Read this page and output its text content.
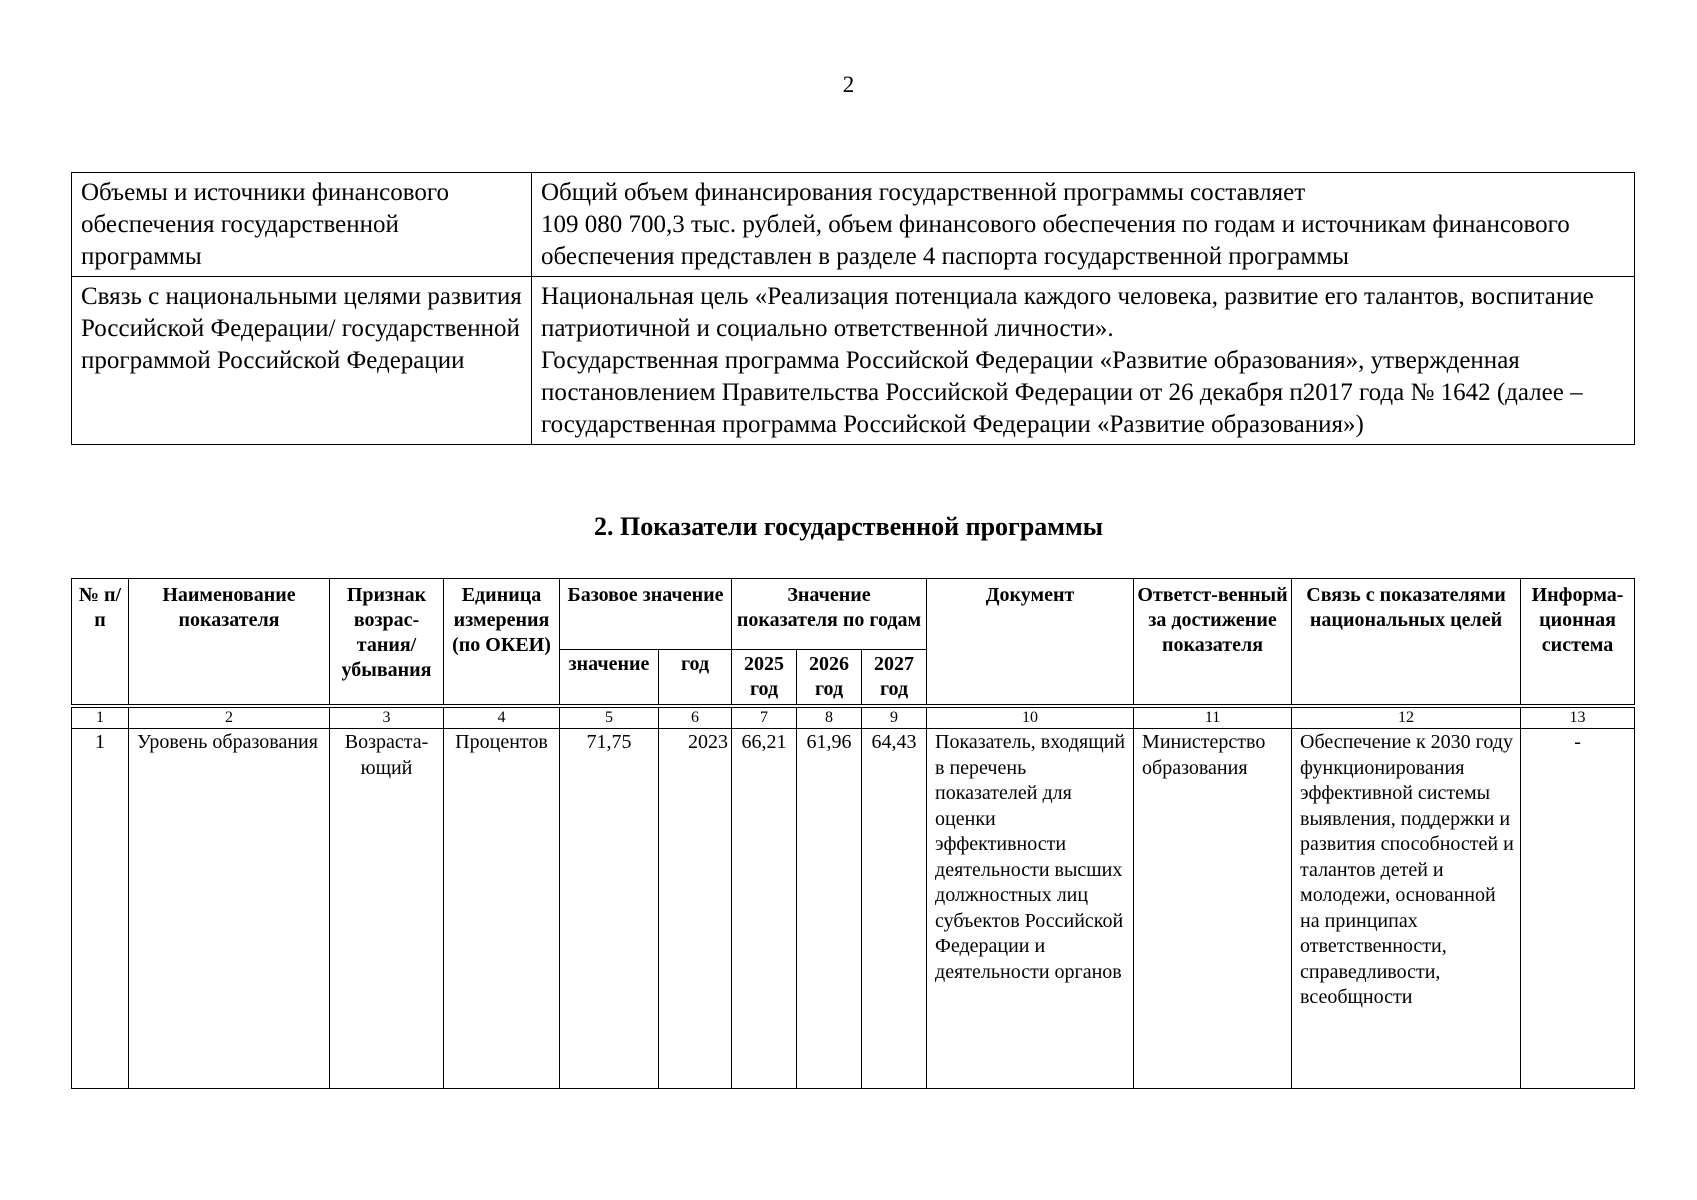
2
Объемы и источники финансового обеспечения государственной программы	Общий объем финансирования государственной программы составляет

109 080 700,3 тыс. рублей, объем финансового обеспечения по годам и источникам финансового обеспечения представлен в разделе 4 паспорта государственной программы

Связь с национальными целями развития Российской Федерации/ государственной программой Российской Федерации	Национальная цель «Реализация потенциала каждого человека, развитие его талантов, воспитание патриотичной и социально ответственной личности».

Государственная программа Российской Федерации «Развитие образования», утвержденная постановлением Правительства Российской Федерации от 26 декабря п2017 года № 1642 (далее – государственная программа Российской Федерации «Развитие образования»)

2. Показатели государственной программы
№ п/п	Наименование показателя	Признак возрас-тания/ убывания	Единица измерения (по ОКЕИ)	Базовое значение		Значение показателя по годам			Документ	Ответст-венный за достижение показателя	Связь с показателями национальных целей	Информа-ционная система
				значение	год	2025 год	2026 год	2027 год				
1	2	3	4	5	6	7	8	9	10	11	12	13
1	Уровень образования	Возраста-ющий	Процентов	71,75	2023	66,21	61,96	64,43	Показатель, входящий в перечень показателей для оценки эффективности деятельности высших должностных лиц субъектов Российской Федерации и деятельности органов	Министерство образования	Обеспечение к 2030 году функционирования эффективной системы выявления, поддержки и развития способностей и талантов детей и молодежи, основанной на принципах ответственности, справедливости, всеобщности	-
